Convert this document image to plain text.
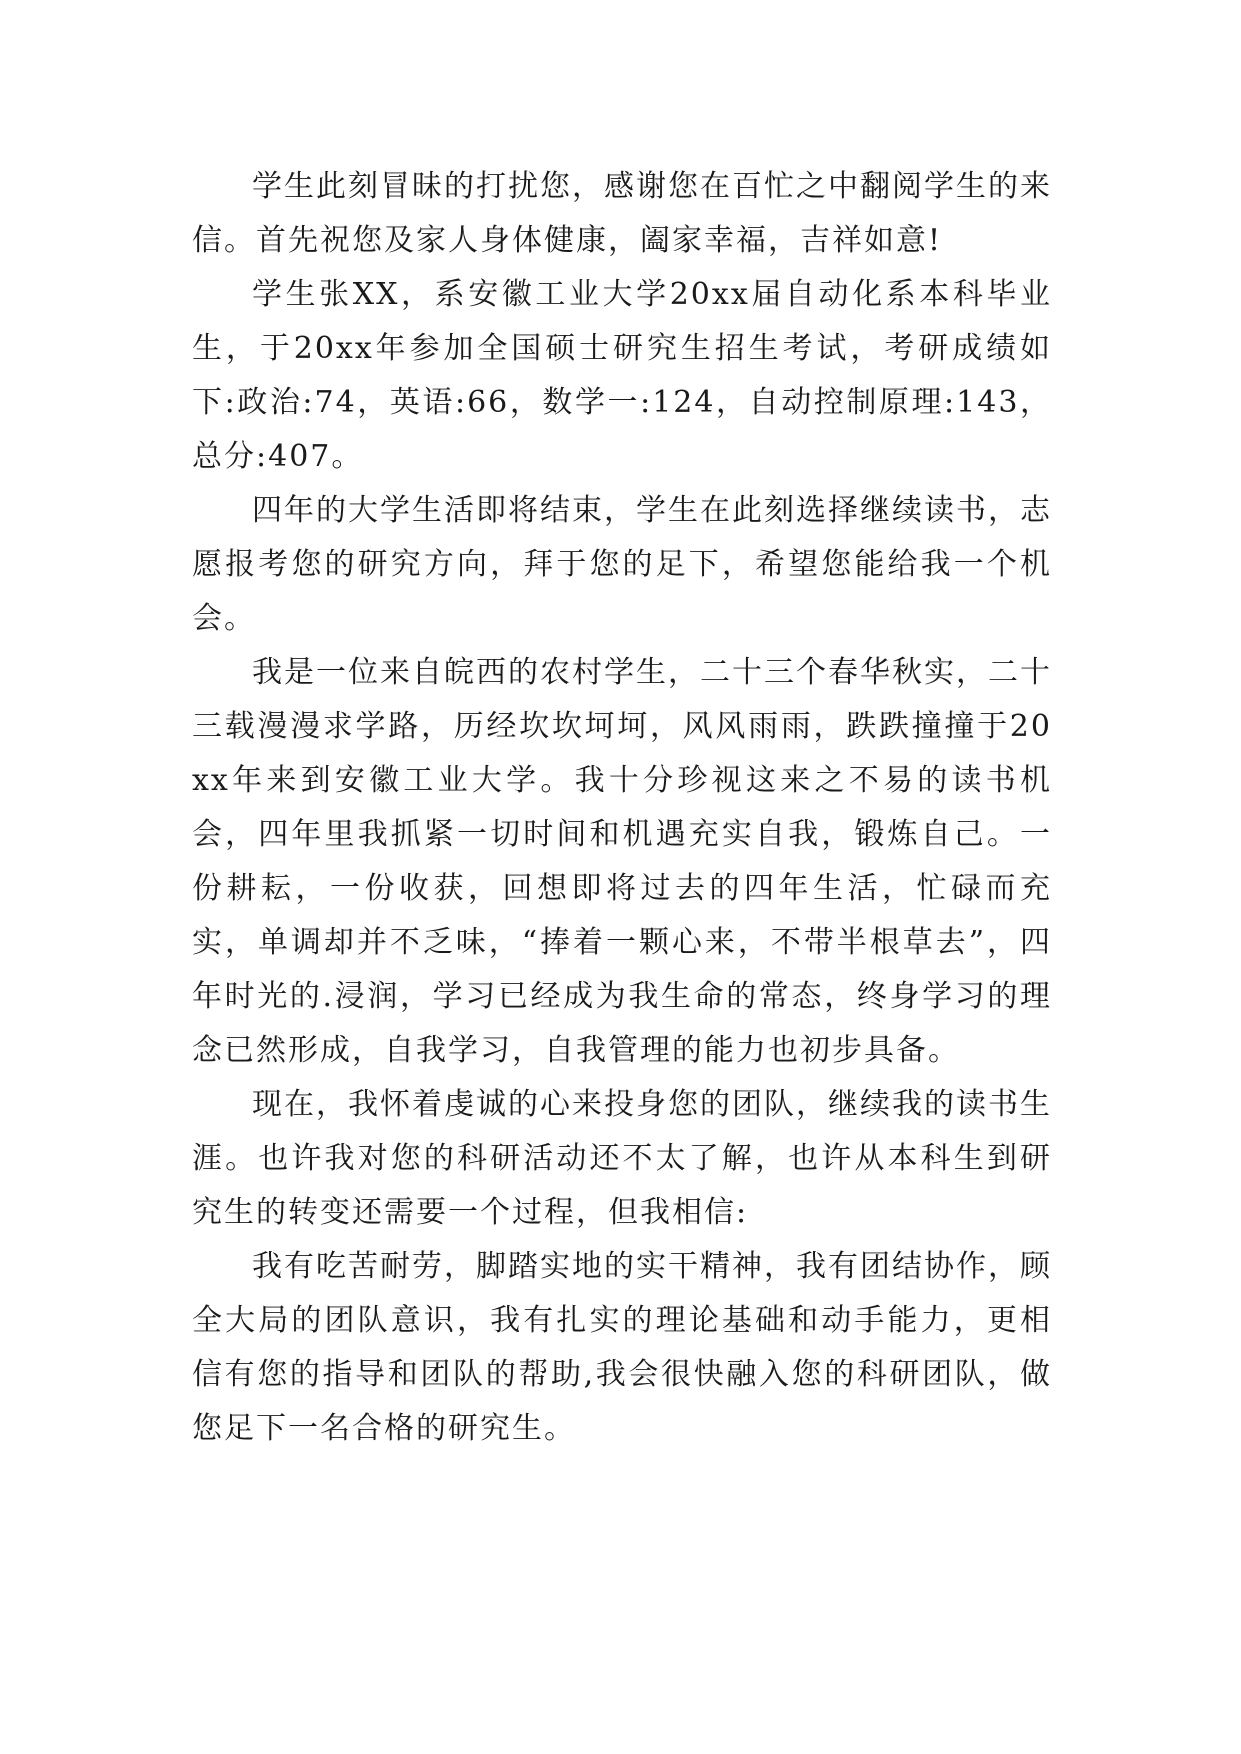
学生此刻冒昧的打扰您，感谢您在百忙之中翻阅学生的来信。首先祝您及家人身体健康，阖家幸福，吉祥如意!

学生张XX，系安徽工业大学20xx届自动化系本科毕业生，于20xx年参加全国硕士研究生招生考试，考研成绩如下:政治:74，英语:66，数学一:124，自动控制原理:143，总分:407。

四年的大学生活即将结束，学生在此刻选择继续读书，志愿报考您的研究方向，拜于您的足下，希望您能给我一个机会。

我是一位来自皖西的农村学生，二十三个春华秋实，二十三载漫漫求学路，历经坎坎坷坷，风风雨雨，跌跌撞撞于20xx年来到安徽工业大学。我十分珍视这来之不易的读书机会，四年里我抓紧一切时间和机遇充实自我，锻炼自己。一份耕耘，一份收获，回想即将过去的四年生活，忙碌而充实，单调却并不乏味，“捧着一颗心来，不带半根草去”，四年时光的.浸润，学习已经成为我生命的常态，终身学习的理念已然形成，自我学习，自我管理的能力也初步具备。

现在，我怀着虔诚的心来投身您的团队，继续我的读书生涯。也许我对您的科研活动还不太了解，也许从本科生到研究生的转变还需要一个过程，但我相信:

我有吃苦耐劳，脚踏实地的实干精神，我有团结协作，顾全大局的团队意识，我有扎实的理论基础和动手能力，更相信有您的指导和团队的帮助,我会很快融入您的科研团队，做您足下一名合格的研究生。
